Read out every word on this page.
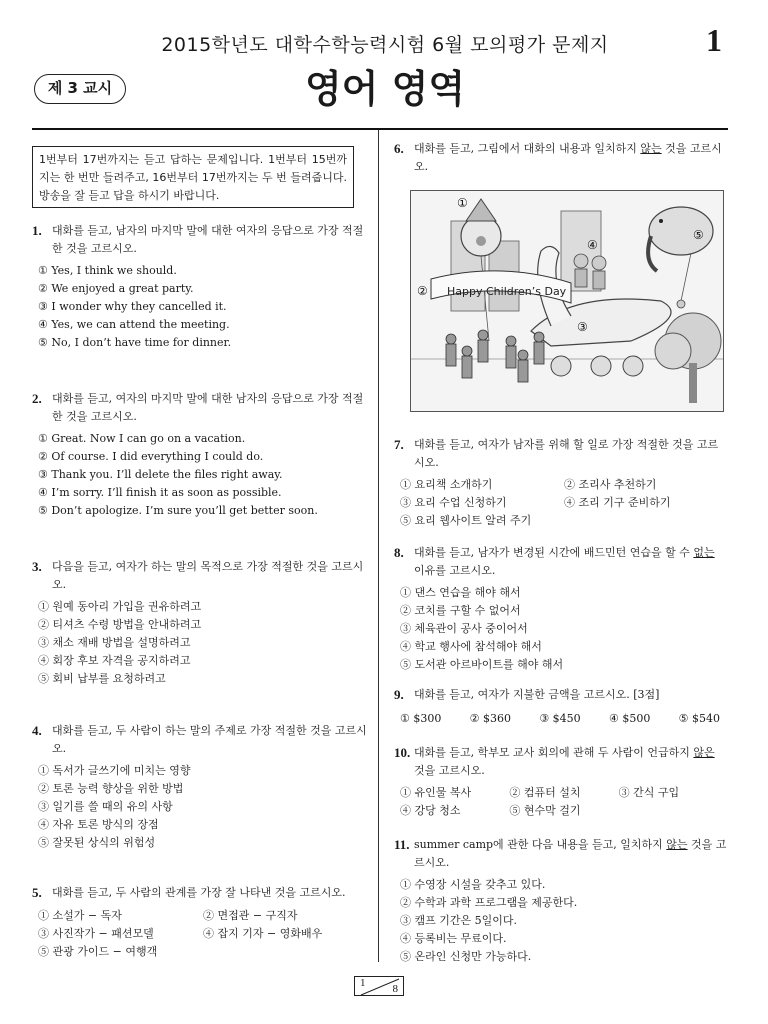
2015학년도 대학수학능력시험 6월 모의평가 문제지	1
제 3 교시	영어 영역
1번부터 17번까지는 듣고 답하는 문제입니다. 1번부터 15번까지는 한 번만 들려주고, 16번부터 17번까지는 두 번 들려줍니다. 방송을 잘 듣고 답을 하시기 바랍니다.
1. 대화를 듣고, 남자의 마지막 말에 대한 여자의 응답으로 가장 적절한 것을 고르시오.
① Yes, I think we should.
② We enjoyed a great party.
③ I wonder why they cancelled it.
④ Yes, we can attend the meeting.
⑤ No, I don’t have time for dinner.
2. 대화를 듣고, 여자의 마지막 말에 대한 남자의 응답으로 가장 적절한 것을 고르시오.
① Great. Now I can go on a vacation.
② Of course. I did everything I could do.
③ Thank you. I’ll delete the files right away.
④ I’m sorry. I’ll finish it as soon as possible.
⑤ Don’t apologize. I’m sure you’ll get better soon.
3. 다음을 듣고, 여자가 하는 말의 목적으로 가장 적절한 것을 고르시오.
① 원예 동아리 가입을 권유하려고
② 티셔츠 수령 방법을 안내하려고
③ 채소 재배 방법을 설명하려고
④ 회장 후보 자격을 공지하려고
⑤ 회비 납부를 요청하려고
4. 대화를 듣고, 두 사람이 하는 말의 주제로 가장 적절한 것을 고르시오.
① 독서가 글쓰기에 미치는 영향
② 토론 능력 향상을 위한 방법
③ 일기를 쓸 때의 유의 사항
④ 자유 토론 방식의 장점
⑤ 잘못된 상식의 위험성
5. 대화를 듣고, 두 사람의 관계를 가장 잘 나타낸 것을 고르시오.
① 소설가 − 독자	② 면접관 − 구직자
③ 사진작가 − 패션모델	④ 잡지 기자 − 영화배우
⑤ 관광 가이드 − 여행객
6. 대화를 듣고, 그림에서 대화의 내용과 일치하지 않는 것을 고르시오.
Happy Children’s Day
①
②
③
④
⑤
7. 대화를 듣고, 여자가 남자를 위해 할 일로 가장 적절한 것을 고르시오.
① 요리책 소개하기	② 조리사 추천하기
③ 요리 수업 신청하기	④ 조리 기구 준비하기
⑤ 요리 웹사이트 알려 주기
8. 대화를 듣고, 남자가 변경된 시간에 배드민턴 연습을 할 수 없는 이유를 고르시오.
① 댄스 연습을 해야 해서
② 코치를 구할 수 없어서
③ 체육관이 공사 중이어서
④ 학교 행사에 참석해야 해서
⑤ 도서관 아르바이트를 해야 해서
9. 대화를 듣고, 여자가 지불한 금액을 고르시오. [3점]
① $300	② $360	③ $450	④ $500	⑤ $540
10. 대화를 듣고, 학부모 교사 회의에 관해 두 사람이 언급하지 않은 것을 고르시오.
① 유인물 복사	② 컴퓨터 설치	③ 간식 구입
④ 강당 청소	⑤ 현수막 걸기
11. summer camp에 관한 다음 내용을 듣고, 일치하지 않는 것을 고르시오.
① 수영장 시설을 갖추고 있다.
② 수학과 과학 프로그램을 제공한다.
③ 캠프 기간은 5일이다.
④ 등록비는 무료이다.
⑤ 온라인 신청만 가능하다.
1 8
